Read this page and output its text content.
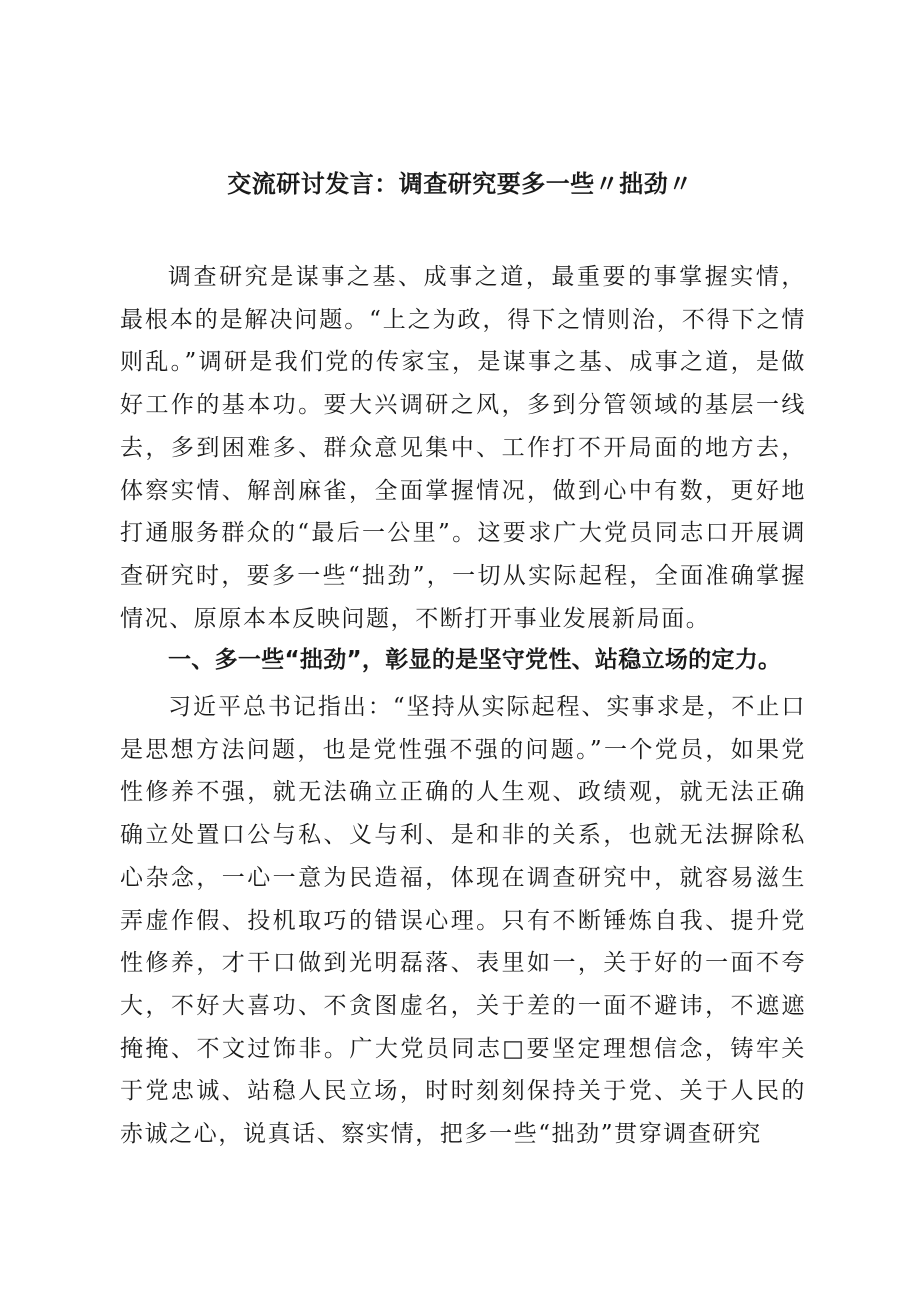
交流研讨发言：调查研究要多一些〃拙劲〃

调查研究是谋事之基、成事之道，最重要的事掌握实情，最根本的是解决问题。“上之为政，得下之情则治，不得下之情则乱。”调研是我们党的传家宝，是谋事之基、成事之道，是做好工作的基本功。要大兴调研之风，多到分管领域的基层一线去，多到困难多、群众意见集中、工作打不开局面的地方去，体察实情、解剖麻雀，全面掌握情况，做到心中有数，更好地打通服务群众的“最后一公里”。这要求广大党员同志口开展调查研究时，要多一些“拙劲”，一切从实际起程，全面准确掌握情况、原原本本反映问题，不断打开事业发展新局面。

一、多一些“拙劲”，彰显的是坚守党性、站稳立场的定力。

习近平总书记指出：“坚持从实际起程、实事求是，不止口是思想方法问题，也是党性强不强的问题。”一个党员，如果党性修养不强，就无法确立正确的人生观、政绩观，就无法正确确立处置口公与私、义与利、是和非的关系，也就无法摒除私心杂念，一心一意为民造福，体现在调查研究中，就容易滋生弄虚作假、投机取巧的错误心理。只有不断锤炼自我、提升党性修养，才干口做到光明磊落、表里如一，关于好的一面不夸大，不好大喜功、不贪图虚名，关于差的一面不避讳，不遮遮掩掩、不文过饰非。广大党员同志□要坚定理想信念，铸牢关于党忠诚、站稳人民立场，时时刻刻保持关于党、关于人民的赤诚之心，说真话、察实情，把多一些“拙劲”贯穿调查研究
